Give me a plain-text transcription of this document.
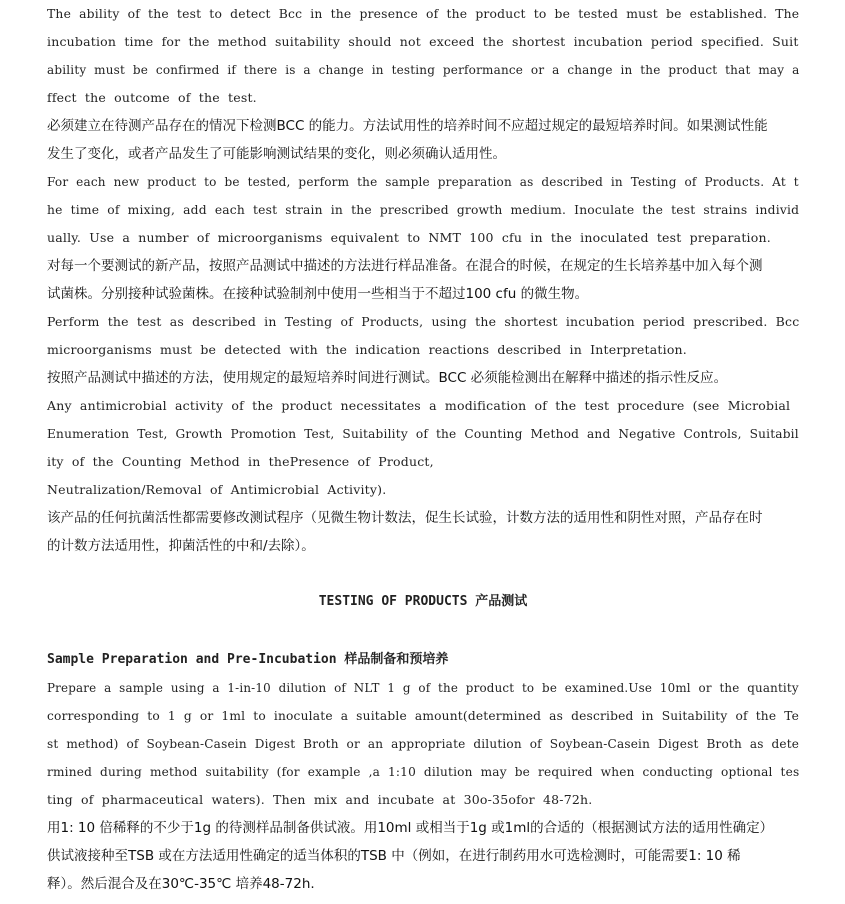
The ability of the test to detect Bcc in the presence of the product to be tested must be established. The
incubation time for the method suitability should not exceed the shortest incubation period specified. Suit
ability must be confirmed if there is a change in testing performance or a change in the product that may a
ffect the outcome of the test.
必须建立在待测产品存在的情况下检测BCC 的能力。方法试用性的培养时间不应超过规定的最短培养时间。如果测试性能
发生了变化，或者产品发生了可能影响测试结果的变化，则必须确认适用性。
For each new product to be tested, perform the sample preparation as described in Testing of Products. At t
he time of mixing, add each test strain in the prescribed growth medium. Inoculate the test strains individ
ually. Use a number of microorganisms equivalent to NMT 100 cfu in the inoculated test preparation.
对每一个要测试的新产品，按照产品测试中描述的方法进行样品准备。在混合的时候，在规定的生长培养基中加入每个测
试菌株。分别接种试验菌株。在接种试验制剂中使用一些相当于不超过100 cfu 的微生物。
Perform the test as described in Testing of Products, using the shortest incubation period prescribed. Bcc
microorganisms must be detected with the indication reactions described in Interpretation.
按照产品测试中描述的方法，使用规定的最短培养时间进行测试。BCC 必须能检测出在解释中描述的指示性反应。
Any antimicrobial activity of the product necessitates a modification of the test procedure (see Microbial
Enumeration Test, Growth Promotion Test, Suitability of the Counting Method and Negative Controls, Suitabil
ity of the Counting Method in thePresence of Product,
Neutralization/Removal of Antimicrobial Activity).
该产品的任何抗菌活性都需要修改测试程序（见微生物计数法，促生长试验，计数方法的适用性和阴性对照，产品存在时
的计数方法适用性，抑菌活性的中和/去除）。
TESTING OF PRODUCTS 产品测试
Sample Preparation and Pre-Incubation 样品制备和预培养
Prepare a sample using a 1-in-10 dilution of NLT 1 g of the product to be examined.Use 10ml or the quantity
corresponding to 1 g or 1ml to inoculate a suitable amount(determined as described in Suitability of the Te
st method) of Soybean-Casein Digest Broth or an appropriate dilution of Soybean-Casein Digest Broth as dete
rmined during method suitability (for example ,a 1:10 dilution may be required when conducting optional tes
ting of pharmaceutical waters). Then mix and incubate at 30o-35ofor 48-72h.
用1: 10 倍稀释的不少于1g 的待测样品制备供试液。用10ml 或相当于1g 或1ml的合适的（根据测试方法的适用性确定）
供试液接种至TSB 或在方法适用性确定的适当体积的TSB 中（例如，在进行制药用水可选检测时，可能需要1: 10 稀
释）。然后混合及在30℃-35℃ 培养48-72h.
